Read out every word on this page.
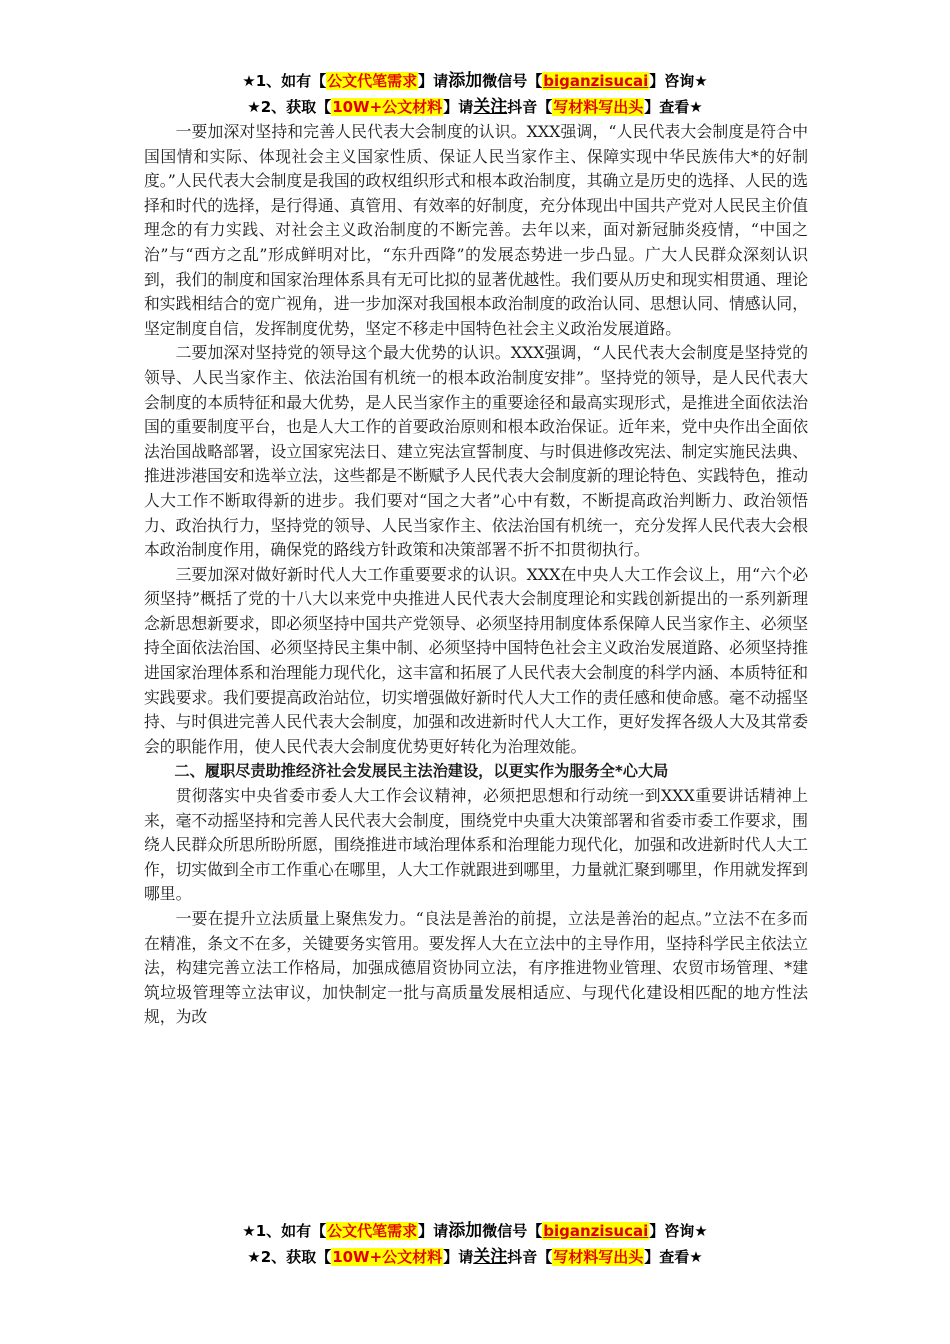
★1、如有【公文代笔需求】请添加微信号【biganzisucai】咨询★
★2、获取【10W+公文材料】请关注抖音【写材料写出头】查看★

一要加深对坚持和完善人民代表大会制度的认识。XXX强调，“人民代表大会制度是符合中国国情和实际、体现社会主义国家性质、保证人民当家作主、保障实现中华民族伟大*的好制度。”人民代表大会制度是我国的政权组织形式和根本政治制度，其确立是历史的选择、人民的选择和时代的选择，是行得通、真管用、有效率的好制度，充分体现出中国共产党对人民民主价值理念的有力实践、对社会主义政治制度的不断完善。去年以来，面对新冠肺炎疫情，“中国之治”与“西方之乱”形成鲜明对比，“东升西降”的发展态势进一步凸显。广大人民群众深刻认识到，我们的制度和国家治理体系具有无可比拟的显著优越性。我们要从历史和现实相贯通、理论和实践相结合的宽广视角，进一步加深对我国根本政治制度的政治认同、思想认同、情感认同，坚定制度自信，发挥制度优势，坚定不移走中国特色社会主义政治发展道路。

二要加深对坚持党的领导这个最大优势的认识。XXX强调，“人民代表大会制度是坚持党的领导、人民当家作主、依法治国有机统一的根本政治制度安排”。坚持党的领导，是人民代表大会制度的本质特征和最大优势，是人民当家作主的重要途径和最高实现形式，是推进全面依法治国的重要制度平台，也是人大工作的首要政治原则和根本政治保证。近年来，党中央作出全面依法治国战略部署，设立国家宪法日、建立宪法宣誓制度、与时俱进修改宪法、制定实施民法典、推进涉港国安和选举立法，这些都是不断赋予人民代表大会制度新的理论特色、实践特色，推动人大工作不断取得新的进步。我们要对“国之大者”心中有数，不断提高政治判断力、政治领悟力、政治执行力，坚持党的领导、人民当家作主、依法治国有机统一，充分发挥人民代表大会根本政治制度作用，确保党的路线方针政策和决策部署不折不扣贯彻执行。

三要加深对做好新时代人大工作重要要求的认识。XXX在中央人大工作会议上，用“六个必须坚持”概括了党的十八大以来党中央推进人民代表大会制度理论和实践创新提出的一系列新理念新思想新要求，即必须坚持中国共产党领导、必须坚持用制度体系保障人民当家作主、必须坚持全面依法治国、必须坚持民主集中制、必须坚持中国特色社会主义政治发展道路、必须坚持推进国家治理体系和治理能力现代化，这丰富和拓展了人民代表大会制度的科学内涵、本质特征和实践要求。我们要提高政治站位，切实增强做好新时代人大工作的责任感和使命感。毫不动摇坚持、与时俱进完善人民代表大会制度，加强和改进新时代人大工作，更好发挥各级人大及其常委会的职能作用，使人民代表大会制度优势更好转化为治理效能。

二、履职尽责助推经济社会发展民主法治建设，以更实作为服务全*心大局

贯彻落实中央省委市委人大工作会议精神，必须把思想和行动统一到XXX重要讲话精神上来，毫不动摇坚持和完善人民代表大会制度，围绕党中央重大决策部署和省委市委工作要求，围绕人民群众所思所盼所愿，围绕推进市域治理体系和治理能力现代化，加强和改进新时代人大工作，切实做到全市工作重心在哪里，人大工作就跟进到哪里，力量就汇聚到哪里，作用就发挥到哪里。

一要在提升立法质量上聚焦发力。“良法是善治的前提，立法是善治的起点。”立法不在多而在精准，条文不在多，关键要务实管用。要发挥人大在立法中的主导作用，坚持科学民主依法立法，构建完善立法工作格局，加强成德眉资协同立法，有序推进物业管理、农贸市场管理、*建筑垃圾管理等立法审议，加快制定一批与高质量发展相适应、与现代化建设相匹配的地方性法规，为改

★1、如有【公文代笔需求】请添加微信号【biganzisucai】咨询★
★2、获取【10W+公文材料】请关注抖音【写材料写出头】查看★
